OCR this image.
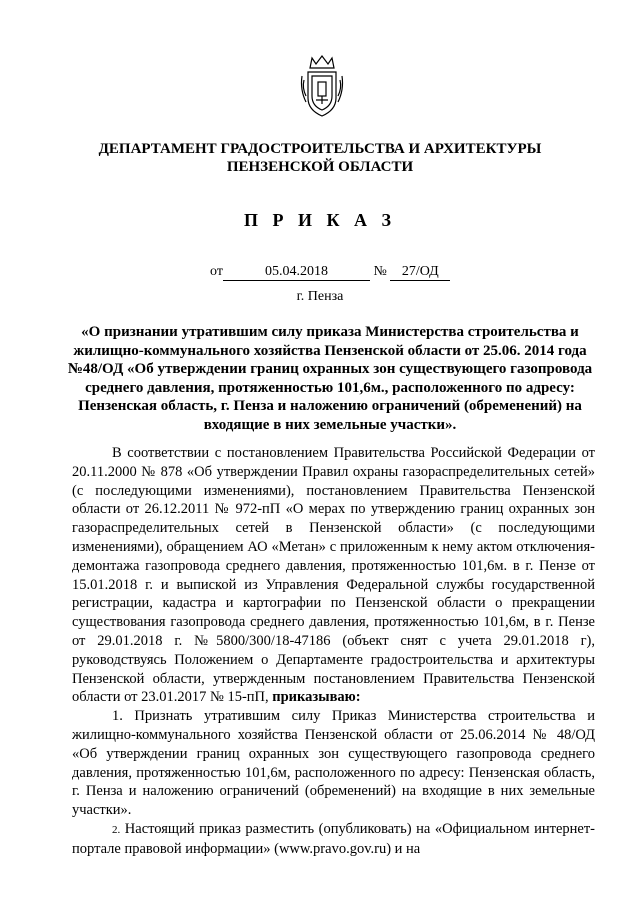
ДЕПАРТАМЕНТ ГРАДОСТРОИТЕЛЬСТВА И АРХИТЕКТУРЫ
ПЕНЗЕНСКОЙ ОБЛАСТИ
П Р И К А З
от	05.04.2018	№ 27/ОД
г. Пенза
«О признании утратившим силу приказа Министерства строительства и жилищно-коммунального хозяйства Пензенской области от 25.06. 2014 года №48/ОД «Об утверждении границ охранных зон существующего газопровода среднего давления, протяженностью 101,6м., расположенного по адресу: Пензенская область, г. Пенза и наложению ограничений (обременений) на входящие в них земельные участки».

В соответствии с постановлением Правительства Российской Федерации от 20.11.2000 № 878 «Об утверждении Правил охраны газораспределительных сетей» (с последующими изменениями), постановлением Правительства Пензенской области от 26.12.2011 № 972-пП «О мерах по утверждению границ охранных зон газораспределительных сетей в Пензенской области» (с последующими изменениями), обращением АО «Метан» с приложенным к нему актом отключения-демонтажа газопровода среднего давления, протяженностью 101,6м. в г. Пензе от 15.01.2018 г. и выпиской из Управления Федеральной службы государственной регистрации, кадастра и картографии по Пензенской области о прекращении существования газопровода среднего давления, протяженностью 101,6м, в г. Пензе от 29.01.2018 г. №5800/300/18-47186 (объект снят с учета 29.01.2018 г), руководствуясь Положением о Департаменте градостроительства и архитектуры Пензенской области, утвержденным постановлением Правительства Пензенской области от 23.01.2017 № 15-пП, приказываю:

1. Признать утратившим силу Приказ Министерства строительства и жилищно-коммунального хозяйства Пензенской области от 25.06.2014 № 48/ОД «Об утверждении границ охранных зон существующего газопровода среднего давления, протяженностью 101,6м, расположенного по адресу: Пензенская область, г. Пенза и наложению ограничений (обременений) на входящие в них земельные участки».

2. Настоящий приказ разместить (опубликовать) на «Официальном интернет-портале правовой информации» (www.pravo.gov.ru) и на
